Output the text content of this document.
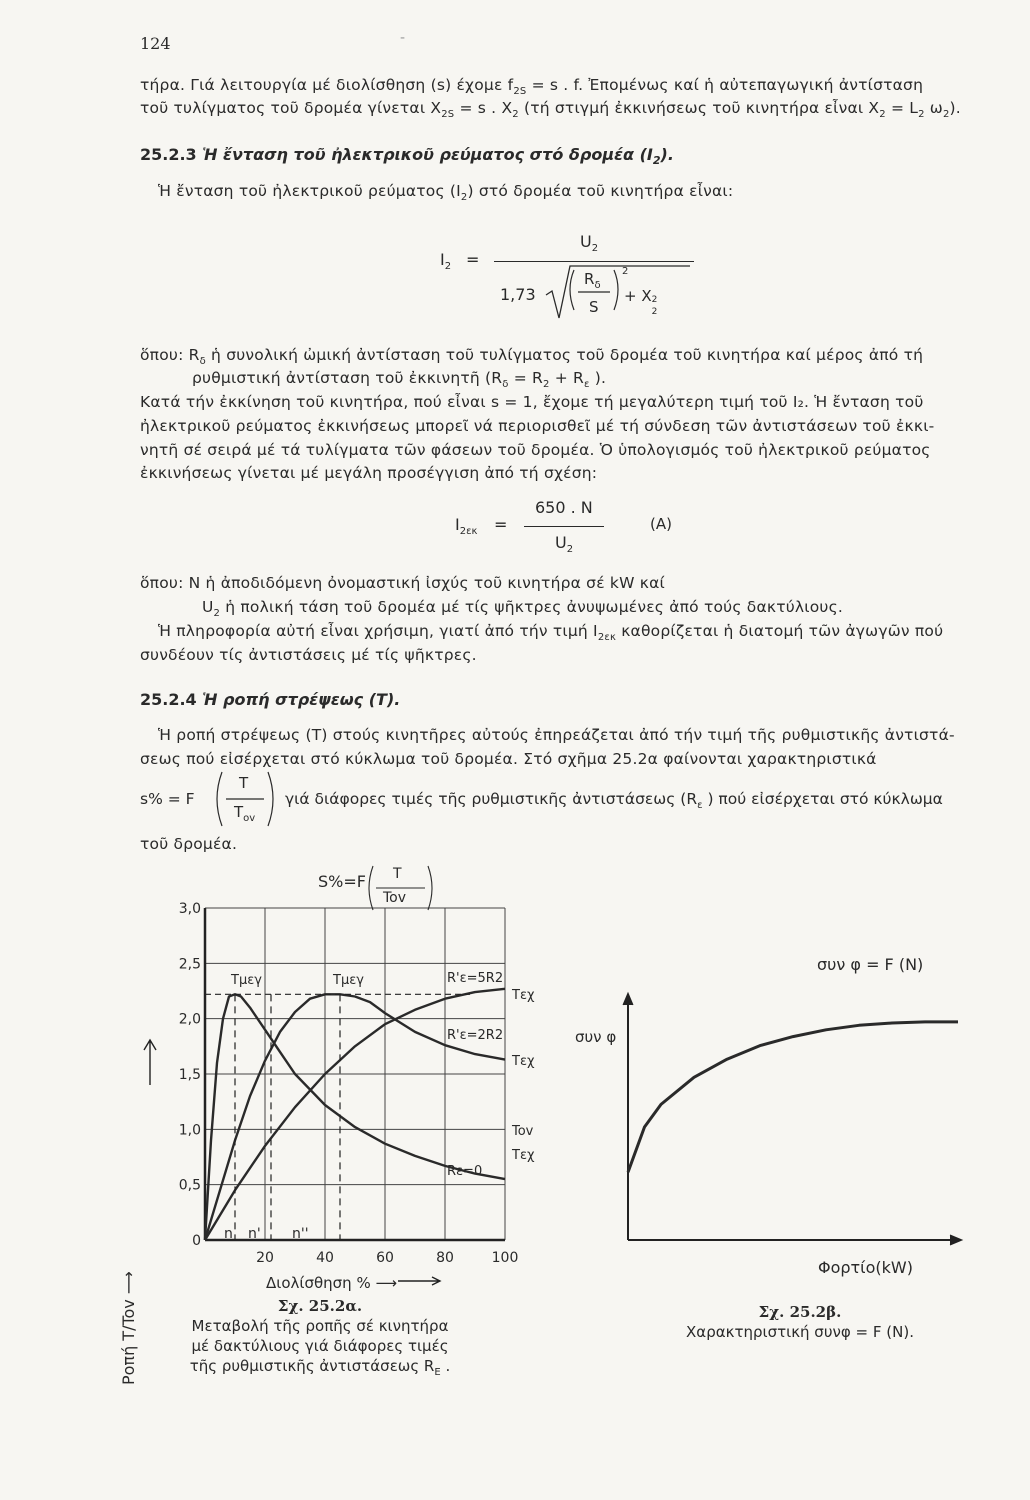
124	-
τήρα. Γιά λειτουργία μέ διολίσθηση (s) έχομε $f_{2S} = s$ . f. Ἐπομένως καί ἡ αὐτεπαγωγική ἀντίσταση
τοῦ τυλίγματος τοῦ δρομέα γίνεται $X_{2S} = s$ . $X_2$ (τή στιγμή ἐκκινήσεως τοῦ κινητήρα εἶναι $X_2 = L_2$ $\omega_2$).
25.2.3 Ἡ ἔνταση τοῦ ἠλεκτρικοῦ ρεύματος στό δρομέα $(I_2)$.
Ἡ ἔνταση τοῦ ἠλεκτρικοῦ ρεύματος $(I_2)$ στό δρομέα τοῦ κινητήρα εἶναι:
$I_2$ =
$U_2$
1,73
$R_\delta$
S
2
+ X 2
2
ὅπου: $R_\delta$ ἡ συνολική ὠμική ἀντίσταση τοῦ τυλίγματος τοῦ δρομέα τοῦ κινητήρα καί μέρος ἀπό τή
ρυθμιστική ἀντίσταση τοῦ ἐκκινητῆ ($R_\delta = R_2 + R_\varepsilon$ ).
Κατά τήν ἐκκίνηση τοῦ κινητήρα, πού εἶναι s = 1, ἔχομε τή μεγαλύτερη τιμή τοῦ I₂. Ἡ ἔνταση τοῦ
ἠλεκτρικοῦ ρεύματος ἐκκινήσεως μπορεῖ νά περιορισθεῖ μέ τή σύνδεση τῶν ἀντιστάσεων τοῦ ἐκκι-
νητῆ σέ σειρά μέ τά τυλίγματα τῶν φάσεων τοῦ δρομέα. Ὁ ὑπολογισμός τοῦ ἠλεκτρικοῦ ρεύματος
ἐκκινήσεως γίνεται μέ μεγάλη προσέγγιση ἀπό τή σχέση:
$I_{2\varepsilon\kappa}$ =
650 . N
$U_2$
(A)
ὅπου: N ἡ ἀποδιδόμενη ὀνομαστική ἰσχύς τοῦ κινητήρα σέ kW καί
$U_2$ ἡ πολική τάση τοῦ δρομέα μέ τίς ψῆκτρες ἀνυψωμένες ἀπό τούς δακτύλιους.
Ἡ πληροφορία αὐτή εἶναι χρήσιμη, γιατί ἀπό τήν τιμή $I_{2\varepsilon\kappa}$ καθορίζεται ἡ διατομή τῶν ἀγωγῶν πού
συνδέουν τίς ἀντιστάσεις μέ τίς ψῆκτρες.
25.2.4 Ἡ ροπή στρέψεως (T).
Ἡ ροπή στρέψεως (T) στούς κινητῆρες αὐτούς ἐπηρεάζεται ἀπό τήν τιμή τῆς ρυθμιστικῆς ἀντιστά-
σεως πού εἰσέρχεται στό κύκλωμα τοῦ δρομέα. Στό σχῆμα 25.2α φαίνονται χαρακτηριστικά
s% = F
T
$T_{ov}$
γιά διάφορες τιμές τῆς ρυθμιστικῆς ἀντιστάσεως ($R_\varepsilon$ ) πού εἰσέρχεται στό κύκλωμα
τοῦ δρομέα.
0
0,5
1,0
1,5
2,0
2,5
3,0
20	40	60	80	100
S%=F T
Tov
Ροπή T/Tov ⟶	Διολίσθηση % ⟶
Tμεγ	Tμεγ	R'ε=5R2
R'ε=2R2
Rε=0
Tεχ
Tεχ
Tov
Tεχ
n n' n''
Σχ. 25.2α.
Μεταβολή τῆς ροπῆς σέ κινητήρα
μέ δακτύλιους γιά διάφορες τιμές
τῆς ρυθμιστικῆς ἀντιστάσεως $R_E$ .
συν φ = F (N)
συν φ
Φορτίο(kW)
Σχ. 25.2β.
Χαρακτηριστική συνφ = F (N).
